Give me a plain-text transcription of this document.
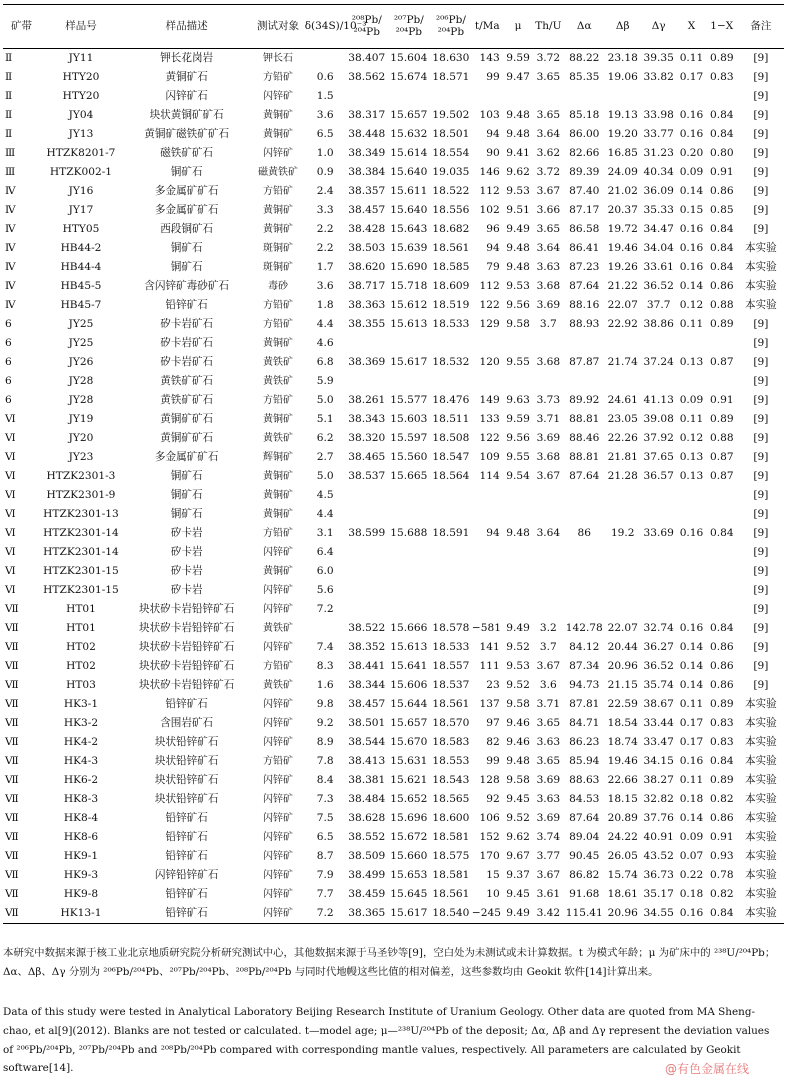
矿带	样品号	样品描述	测试对象	δ(34S)/10⁻³	²⁰⁸Pb/²⁰⁴Pb	²⁰⁷Pb/²⁰⁴Pb	²⁰⁶Pb/²⁰⁴Pb	t/Ma	μ	Th/U	Δα	Δβ	Δγ	X	1−X	备注
Ⅱ	JY11	钾长花岗岩	钾长石		38.407	15.604	18.630	143	9.59	3.72	88.22	23.18	39.35	0.11	0.89	[9]
Ⅱ	HTY20	黄铜矿石	方铅矿	0.6	38.562	15.674	18.571	99	9.47	3.65	85.35	19.06	33.82	0.17	0.83	[9]
Ⅱ	HTY20	闪锌矿石	闪锌矿	1.5												[9]
Ⅱ	JY04	块状黄铜矿矿石	黄铜矿	3.6	38.317	15.657	19.502	103	9.48	3.65	85.18	19.13	33.98	0.16	0.84	[9]
Ⅱ	JY13	黄铜矿磁铁矿矿石	黄铜矿	6.5	38.448	15.632	18.501	94	9.48	3.64	86.00	19.20	33.77	0.16	0.84	[9]
Ⅲ	HTZK8201-7	磁铁矿矿石	闪锌矿	1.0	38.349	15.614	18.554	90	9.41	3.62	82.66	16.85	31.23	0.20	0.80	[9]
Ⅲ	HTZK002-1	铜矿石	磁黄铁矿	0.9	38.384	15.640	19.035	146	9.62	3.72	89.39	24.09	40.34	0.09	0.91	[9]
Ⅳ	JY16	多金属矿矿石	方铅矿	2.4	38.357	15.611	18.522	112	9.53	3.67	87.40	21.02	36.09	0.14	0.86	[9]
Ⅳ	JY17	多金属矿矿石	黄铜矿	3.3	38.457	15.640	18.556	102	9.51	3.66	87.17	20.37	35.33	0.15	0.85	[9]
Ⅳ	HTY05	西段铜矿石	黄铜矿	2.2	38.428	15.643	18.682	96	9.49	3.65	86.58	19.72	34.47	0.16	0.84	[9]
Ⅳ	HB44-2	铜矿石	斑铜矿	2.2	38.503	15.639	18.561	94	9.48	3.64	86.41	19.46	34.04	0.16	0.84	本实验
Ⅳ	HB44-4	铜矿石	斑铜矿	1.7	38.620	15.690	18.585	79	9.48	3.63	87.23	19.26	33.61	0.16	0.84	本实验
Ⅳ	HB45-5	含闪锌矿毒砂矿石	毒砂	3.6	38.717	15.718	18.609	112	9.53	3.68	87.64	21.22	36.52	0.14	0.86	本实验
Ⅳ	HB45-7	铅锌矿石	方铅矿	1.8	38.363	15.612	18.519	122	9.56	3.69	88.16	22.07	37.7	0.12	0.88	本实验
6	JY25	矽卡岩矿石	方铅矿	4.4	38.355	15.613	18.533	129	9.58	3.7	88.93	22.92	38.86	0.11	0.89	[9]
6	JY25	矽卡岩矿石	黄铜矿	4.6												[9]
6	JY26	矽卡岩矿石	黄铁矿	6.8	38.369	15.617	18.532	120	9.55	3.68	87.87	21.74	37.24	0.13	0.87	[9]
6	JY28	黄铁矿矿石	黄铁矿	5.9												[9]
6	JY28	黄铁矿矿石	方铅矿	5.0	38.261	15.577	18.476	149	9.63	3.73	89.92	24.61	41.13	0.09	0.91	[9]
Ⅵ	JY19	黄铜矿矿石	黄铜矿	5.1	38.343	15.603	18.511	133	9.59	3.71	88.81	23.05	39.08	0.11	0.89	[9]
Ⅵ	JY20	黄铜矿矿石	黄铁矿	6.2	38.320	15.597	18.508	122	9.56	3.69	88.46	22.26	37.92	0.12	0.88	[9]
Ⅵ	JY23	多金属矿矿石	辉铜矿	2.7	38.465	15.560	18.547	109	9.55	3.68	88.81	21.81	37.65	0.13	0.87	[9]
Ⅵ	HTZK2301-3	铜矿石	黄铜矿	5.0	38.537	15.665	18.564	114	9.54	3.67	87.64	21.28	36.57	0.13	0.87	[9]
Ⅵ	HTZK2301-9	铜矿石	黄铜矿	4.5												[9]
Ⅵ	HTZK2301-13	铜矿石	黄铜矿	4.4												[9]
Ⅵ	HTZK2301-14	矽卡岩	方铅矿	3.1	38.599	15.688	18.591	94	9.48	3.64	86	19.2	33.69	0.16	0.84	[9]
Ⅵ	HTZK2301-14	矽卡岩	闪锌矿	6.4												[9]
Ⅵ	HTZK2301-15	矽卡岩	黄铜矿	6.0												[9]
Ⅵ	HTZK2301-15	矽卡岩	闪锌矿	5.6												[9]
Ⅶ	HT01	块状矽卡岩铅锌矿石	闪锌矿	7.2												[9]
Ⅶ	HT01	块状矽卡岩铅锌矿石	黄铁矿		38.522	15.666	18.578	−581	9.49	3.2	142.78	22.07	32.74	0.16	0.84	[9]
Ⅶ	HT02	块状矽卡岩铅锌矿石	闪锌矿	7.4	38.352	15.613	18.533	141	9.52	3.7	84.12	20.44	36.27	0.14	0.86	[9]
Ⅶ	HT02	块状矽卡岩铅锌矿石	方铅矿	8.3	38.441	15.641	18.557	111	9.53	3.67	87.34	20.96	36.52	0.14	0.86	[9]
Ⅶ	HT03	块状矽卡岩铅锌矿石	黄铁矿	1.6	38.344	15.606	18.537	23	9.52	3.6	94.73	21.15	35.74	0.14	0.86	[9]
Ⅶ	HK3-1	铅锌矿石	闪锌矿	9.8	38.457	15.644	18.561	137	9.58	3.71	87.81	22.59	38.67	0.11	0.89	本实验
Ⅶ	HK3-2	含围岩矿石	闪锌矿	9.2	38.501	15.657	18.570	97	9.46	3.65	84.71	18.54	33.44	0.17	0.83	本实验
Ⅶ	HK4-2	块状铅锌矿石	闪锌矿	8.9	38.544	15.670	18.583	82	9.46	3.63	86.23	18.74	33.47	0.17	0.83	本实验
Ⅶ	HK4-3	块状铅锌矿石	方铅矿	7.8	38.413	15.631	18.553	99	9.48	3.65	85.94	19.46	34.15	0.16	0.84	本实验
Ⅶ	HK6-2	块状铅锌矿石	闪锌矿	8.4	38.381	15.621	18.543	128	9.58	3.69	88.63	22.66	38.27	0.11	0.89	本实验
Ⅶ	HK8-3	块状铅锌矿石	闪锌矿	7.3	38.484	15.652	18.565	92	9.45	3.63	84.53	18.15	32.82	0.18	0.82	本实验
Ⅶ	HK8-4	铅锌矿石	闪锌矿	7.5	38.628	15.696	18.600	106	9.52	3.69	87.64	20.89	37.76	0.14	0.86	本实验
Ⅶ	HK8-6	铅锌矿石	闪锌矿	6.5	38.552	15.672	18.581	152	9.62	3.74	89.04	24.22	40.91	0.09	0.91	本实验
Ⅶ	HK9-1	铅锌矿石	闪锌矿	8.7	38.509	15.660	18.575	170	9.67	3.77	90.45	26.05	43.52	0.07	0.93	本实验
Ⅶ	HK9-3	闪锌铅锌矿石	闪锌矿	7.9	38.499	15.653	18.581	15	9.37	3.67	86.82	15.74	36.73	0.22	0.78	本实验
Ⅶ	HK9-8	铅锌矿石	闪锌矿	7.7	38.459	15.645	18.561	10	9.45	3.61	91.68	18.61	35.17	0.18	0.82	本实验
Ⅶ	HK13-1	铅锌矿石	闪锌矿	7.2	38.365	15.617	18.540	−245	9.49	3.42	115.41	20.96	34.55	0.16	0.84	本实验
本研究中数据来源于核工业北京地质研究院分析研究测试中心，其他数据来源于马圣钞等[9]，空白处为未测试或未计算数据。t 为模式年龄；μ 为矿床中的 ²³⁸U/²⁰⁴Pb；Δα、Δβ、Δγ 分别为 ²⁰⁶Pb/²⁰⁴Pb、²⁰⁷Pb/²⁰⁴Pb、²⁰⁸Pb/²⁰⁴Pb 与同时代地幔这些比值的相对偏差，这些参数均由 Geokit 软件[14]计算出来。
Data of this study were tested in Analytical Laboratory Beijing Research Institute of Uranium Geology. Other data are quoted from MA Sheng-chao, et al[9](2012). Blanks are not tested or calculated. t—model age; μ—²³⁸U/²⁰⁴Pb of the deposit; Δα, Δβ and Δγ represent the deviation values of ²⁰⁶Pb/²⁰⁴Pb, ²⁰⁷Pb/²⁰⁴Pb and ²⁰⁸Pb/²⁰⁴Pb compared with corresponding mantle values, respectively. All parameters are calculated by Geokit software[14].	@有色金属在线
